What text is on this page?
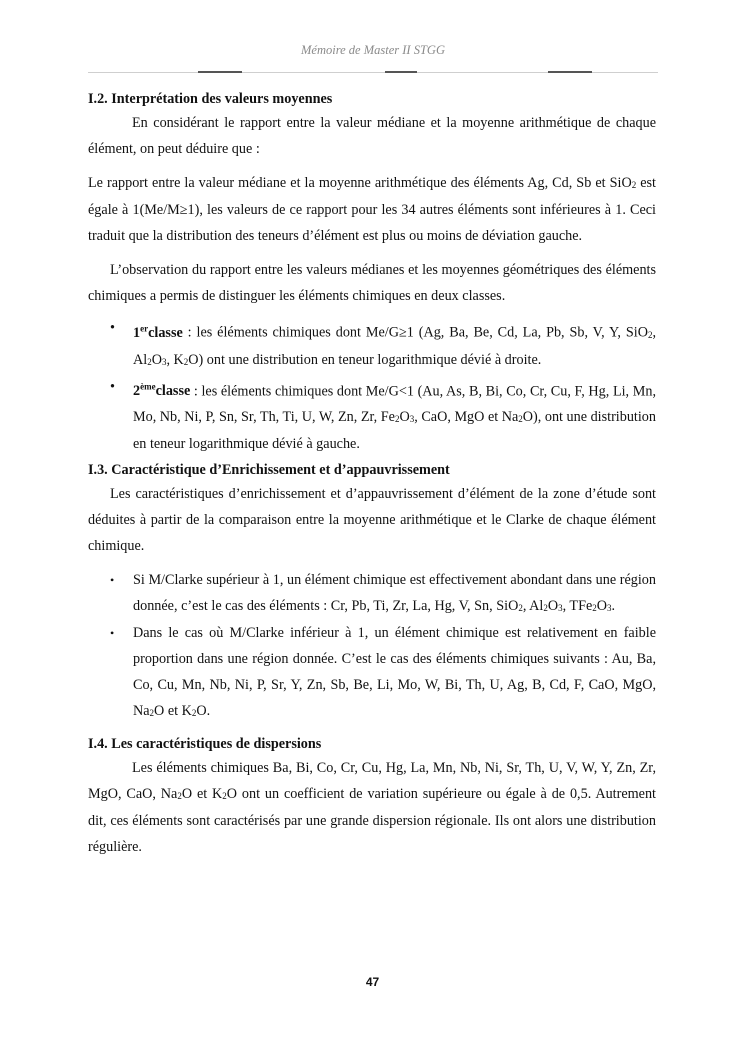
Mémoire de Master II STGG
I.2. Interprétation des valeurs moyennes

En considérant le rapport entre la valeur médiane et la moyenne arithmétique de chaque élément, on peut déduire que :

Le rapport entre la valeur médiane et la moyenne arithmétique des éléments Ag, Cd, Sb et SiO$_2$ est égale à 1(Me/M≥1), les valeurs de ce rapport pour les 34 autres éléments sont inférieures à 1. Ceci traduit que la distribution des teneurs d’élément est plus ou moins de déviation gauche.

L’observation du rapport entre les valeurs médianes et les moyennes géométriques des éléments chimiques a permis de distinguer les éléments chimiques en deux classes.

• 1erclasse : les éléments chimiques dont Me/G≥1 (Ag, Ba, Be, Cd, La, Pb, Sb, V, Y, SiO$_2$, $Al_2O_3$, $K_2O$) ont une distribution en teneur logarithmique dévié à droite.
• 2èmeclasse : les éléments chimiques dont Me/G<1 (Au, As, B, Bi, Co, Cr, Cu, F, Hg, Li, Mn, Mo, Nb, Ni, P, Sn, Sr, Th, Ti, U, W, Zn, Zr, $Fe_2O_3$, CaO, MgO et $Na_2O$), ont une distribution en teneur logarithmique dévié à gauche.
I.3. Caractéristique d’Enrichissement et d’appauvrissement

Les caractéristiques d’enrichissement et d’appauvrissement d’élément de la zone d’étude sont déduites à partir de la comparaison entre la moyenne arithmétique et le Clarke de chaque élément chimique.

• Si M/Clarke supérieur à 1, un élément chimique est effectivement abondant dans une région donnée, c’est le cas des éléments : Cr, Pb, Ti, Zr, La, Hg, V, Sn, SiO$_2$, $Al_2O_3$, $TFe_2O_3$.
• Dans le cas où M/Clarke inférieur à 1, un élément chimique est relativement en faible proportion dans une région donnée. C’est le cas des éléments chimiques suivants : Au, Ba, Co, Cu, Mn, Nb, Ni, P, Sr, Y, Zn, Sb, Be, Li, Mo, W, Bi, Th, U, Ag, B, Cd, F, CaO, MgO, $Na_2O$ et $K_2O$.
I.4. Les caractéristiques de dispersions

Les éléments chimiques Ba, Bi, Co, Cr, Cu, Hg, La, Mn, Nb, Ni, Sr, Th, U, V, W, Y, Zn, Zr, MgO, CaO, $Na_2O$ et $K_2O$ ont un coefficient de variation supérieure ou égale à de 0,5. Autrement dit, ces éléments sont caractérisés par une grande dispersion régionale. Ils ont alors une distribution régulière.

47
